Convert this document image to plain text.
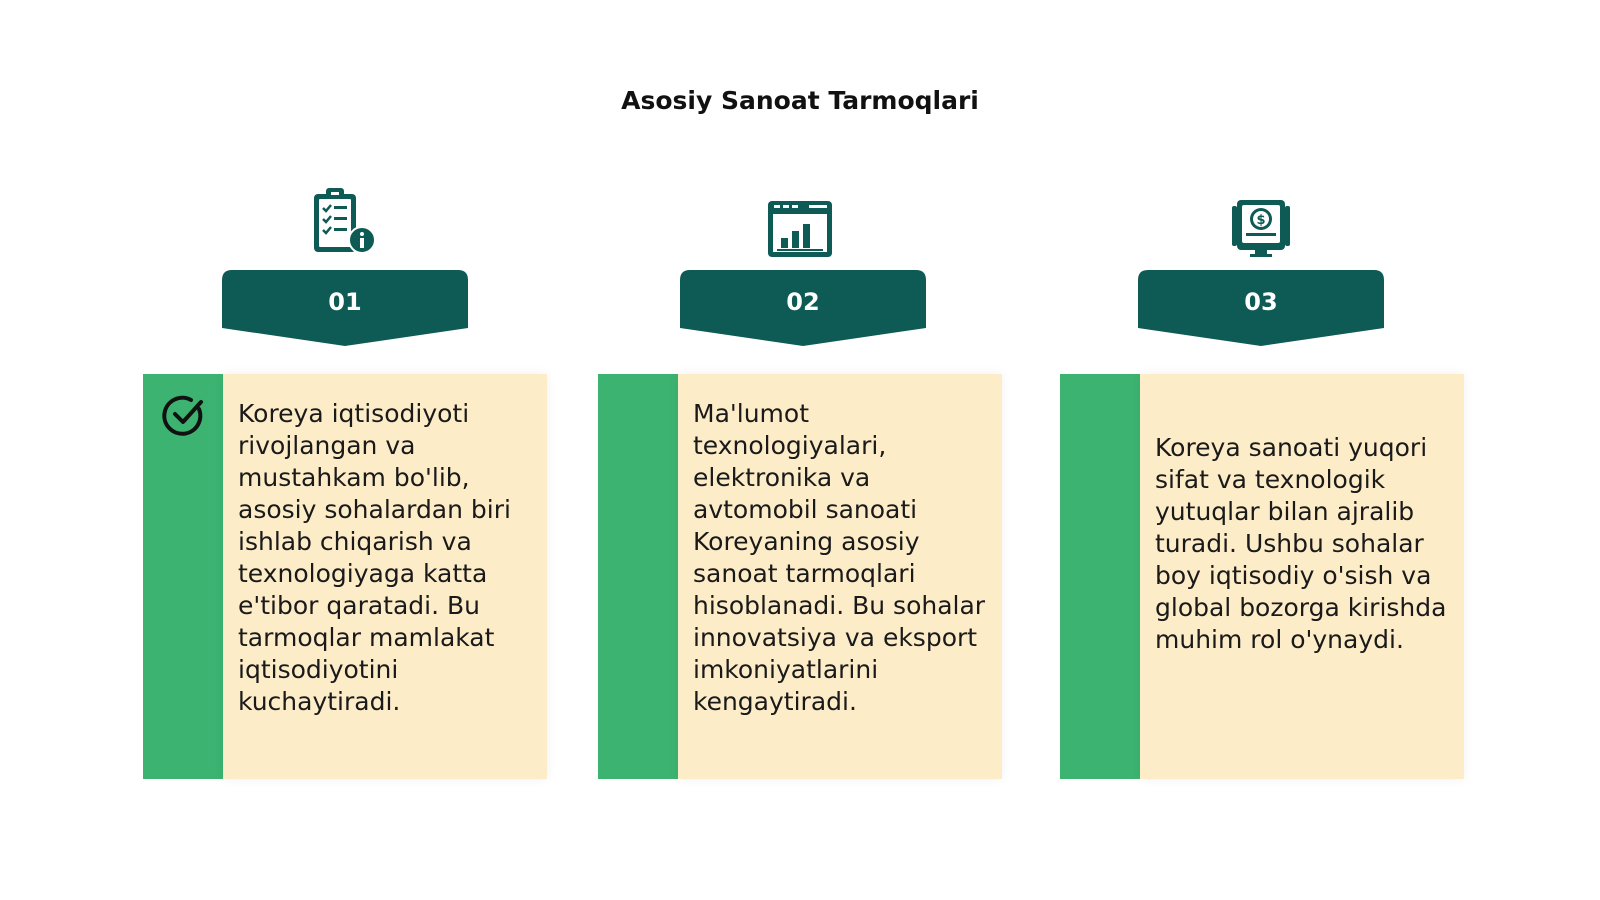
Asosiy Sanoat Tarmoqlari
01

Koreya iqtisodiyoti rivojlangan va mustahkam bo'lib, asosiy sohalardan biri ishlab chiqarish va texnologiyaga katta e'tibor qaratadi. Bu tarmoqlar mamlakat iqtisodiyotini kuchaytiradi.

02

Ma'lumot texnologiyalari, elektronika va avtomobil sanoati Koreyaning asosiy sanoat tarmoqlari hisoblanadi. Bu sohalar innovatsiya va eksport imkoniyatlarini kengaytiradi.

$
03

Koreya sanoati yuqori sifat va texnologik yutuqlar bilan ajralib turadi. Ushbu sohalar boy iqtisodiy o'sish va global bozorga kirishda muhim rol o'ynaydi.
